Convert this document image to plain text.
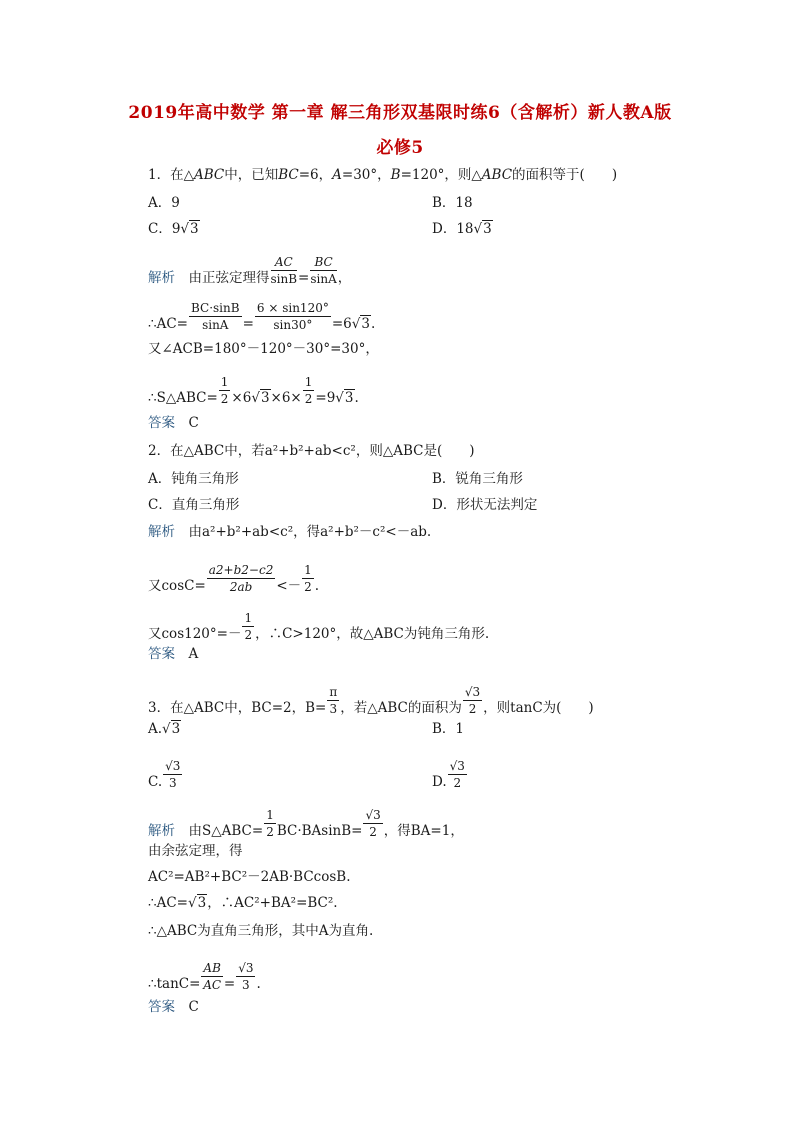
2019年高中数学 第一章 解三角形双基限时练6（含解析）新人教A版
必修5
1．在△ABC中，已知BC=6，A=30°，B=120°，则△ABC的面积等于(　　)
A．9	B．18
C．9√3	D．18√3
解析　 由正弦定理得 $\frac{AC}{\sin B} = \frac{BC}{\sin A}$ ，
∴AC= $\frac{BC\cdot\sin B}{\sin A} = \frac{6 \times \sin 120^\circ}{\sin 30^\circ} =6√3$.
又∠ACB=180°－120°－30°=30°，
∴S△ABC= $\frac{1}{2} \times 6√3\times 6\times \frac{1}{2} =9√3$.
答案　 C
2．在△ABC中，若a²+b²+ab<c²，则△ABC是(　　)
A．钝角三角形	B．锐角三角形
C．直角三角形	D．形状无法判定
解析　 由a²+b²+ab<c²，得a²+b²－c²<－ab.
又$\cos C= \frac{a2+b2-c2}{2ab} <- \frac{1}{2}$ .
又$\cos 120^\circ=- \frac{1}{2}$ ，∴C>120°，故△ABC为钝角三角形.
答案　 A
3．在△ABC中，BC=2，$B= \frac{\pi}{3}$ ，若△ABC的面积为 $\frac{√3}{2}$ ，则tanC为(　　)
A.√3	B．1
C. $\frac{√3}{3}$	D. $\frac{√3}{2}$
解析　 由S△ABC= $\frac{1}{2} BC\cdot BAsinB= \frac{√3}{2}$ ，得BA=1，
由余弦定理，得
AC²=AB²+BC²－2AB·BCcosB.
∴AC=√3，∴AC²+BA²=BC².
∴△ABC为直角三角形，其中A为直角.
∴tanC= $\frac{AB}{AC} = \frac{√3}{3}$ .
答案　 C
